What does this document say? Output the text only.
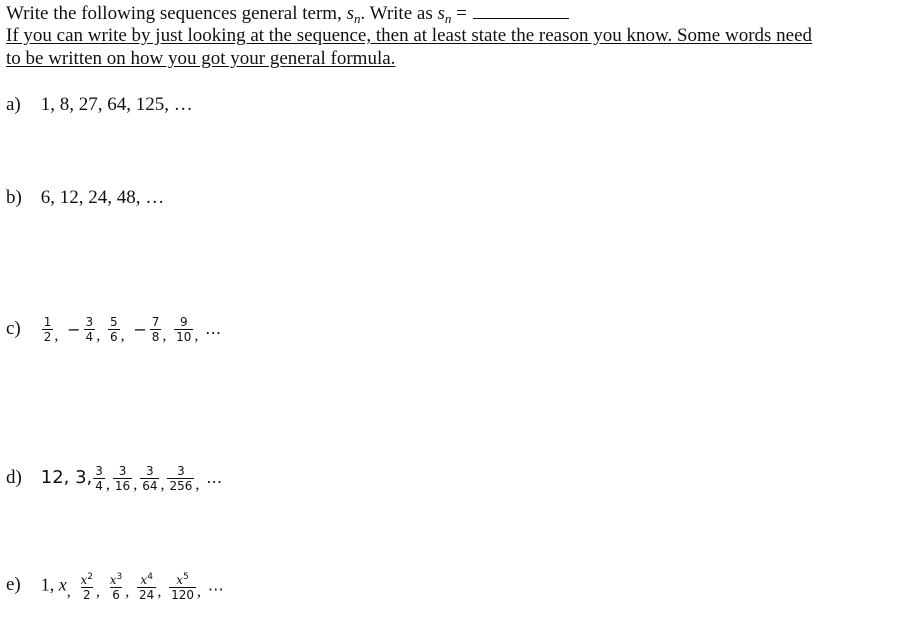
Write the following sequences general term, $s_n$. Write as $s_n$ =
If you can write by just looking at the sequence, then at least state the reason you know. Some words need
to be written on how you got your general formula.
a) 1, 8, 27, 64, 125, …
b) 6, 12, 24, 48, …
$c) \frac{1}{2} _, - \frac{3}{4} _, \frac{5}{6} _, - \frac{7}{8} _, \frac{9}{10} _,$ …
d) 12, 3, $\frac{3}{4} _, \frac{3}{16} _, \frac{3}{64} _, \frac{3}{256} _,$ …
e) 1, $x_, \frac{x^2}{2} _, \frac{x^3}{6} _, \frac{x^4}{24} _, \frac{x^5}{120} _,$ …
